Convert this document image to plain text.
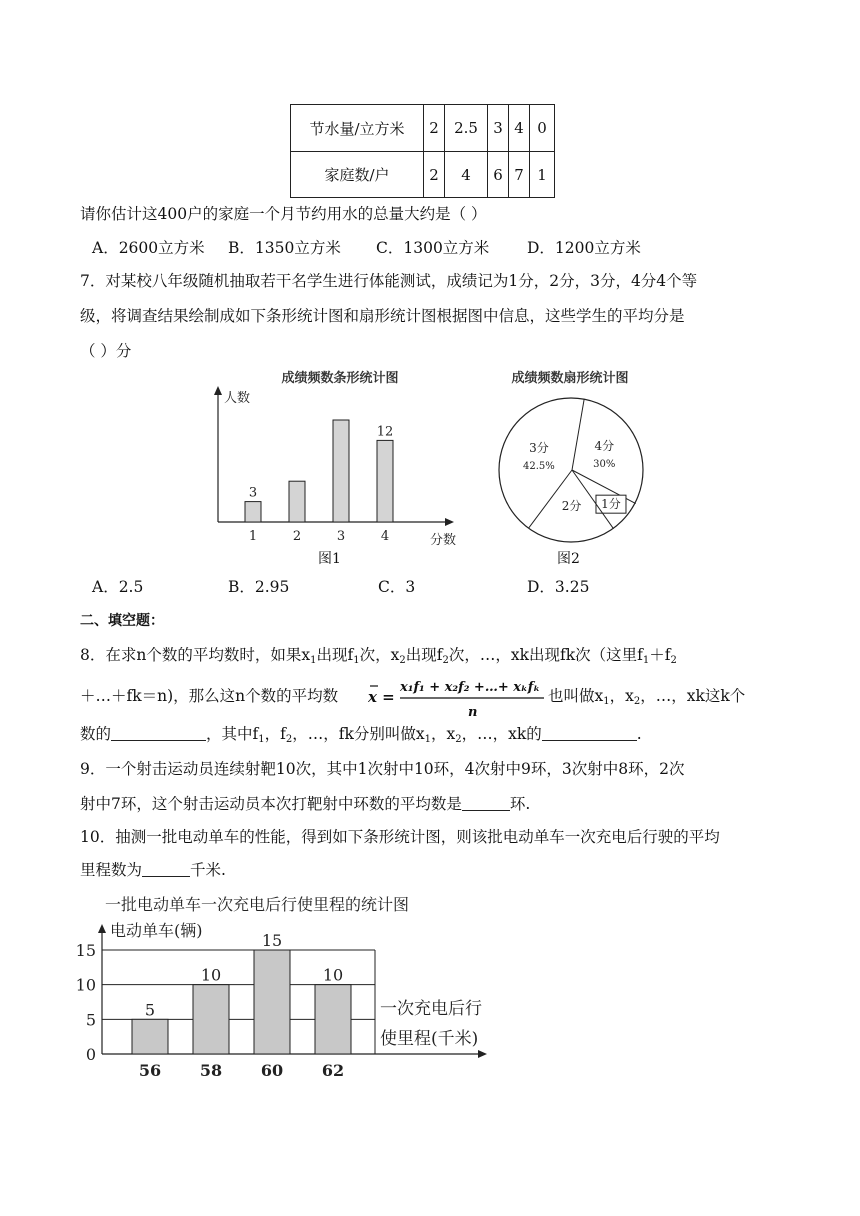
节水量/立方米	2	2.5	3	4	0
家庭数/户	2	4	6	7	1
请你估计这400户的家庭一个月节约用水的总量大约是（ ）
A．2600立方米 B．1350立方米 C．1300立方米 D．1200立方米
7．对某校八年级随机抽取若干名学生进行体能测试，成绩记为1分，2分，3分，4分4个等
级，将调查结果绘制成如下条形统计图和扇形统计图根据图中信息，这些学生的平均分是
（ ）分
成绩频数条形统计图
人数
分数
1
3
2	3	4
12
图1
成绩频数扇形统计图
4分
30%
1分
2分
3分
42.5%
图2
A．2.5	B．2.95	C．3	D．3.25
二、填空题：
8．在求n个数的平均数时，如果$x_1$出现$f_1$次，$x_2$出现$f_2$次，…，xk出现fk次（这里$f_1+f_2$
＋…＋fk＝n)，那么这n个数的平均数 x =
x₁f₁ + x₂f₂ +…+ xₖfₖ
n
也叫做$x_1$，$x_2$，…，xk这k个
数的	，其中$f_1$，$f_2$，…，fk分别叫做$x_1$，$x_2$，…，xk的	.
9．一个射击运动员连续射靶10次，其中1次射中10环，4次射中9环，3次射中8环，2次
射中7环，这个射击运动员本次打靶射中环数的平均数是	环.
10．抽测一批电动单车的性能，得到如下条形统计图，则该批电动单车一次充电后行驶的平均
里程数为	千米.
一批电动单车一次充电后行使里程的统计图
电动单车(辆)
0
5
10
15
5
56
10
58
15
60
10
62
一次充电后行
使里程(千米)
